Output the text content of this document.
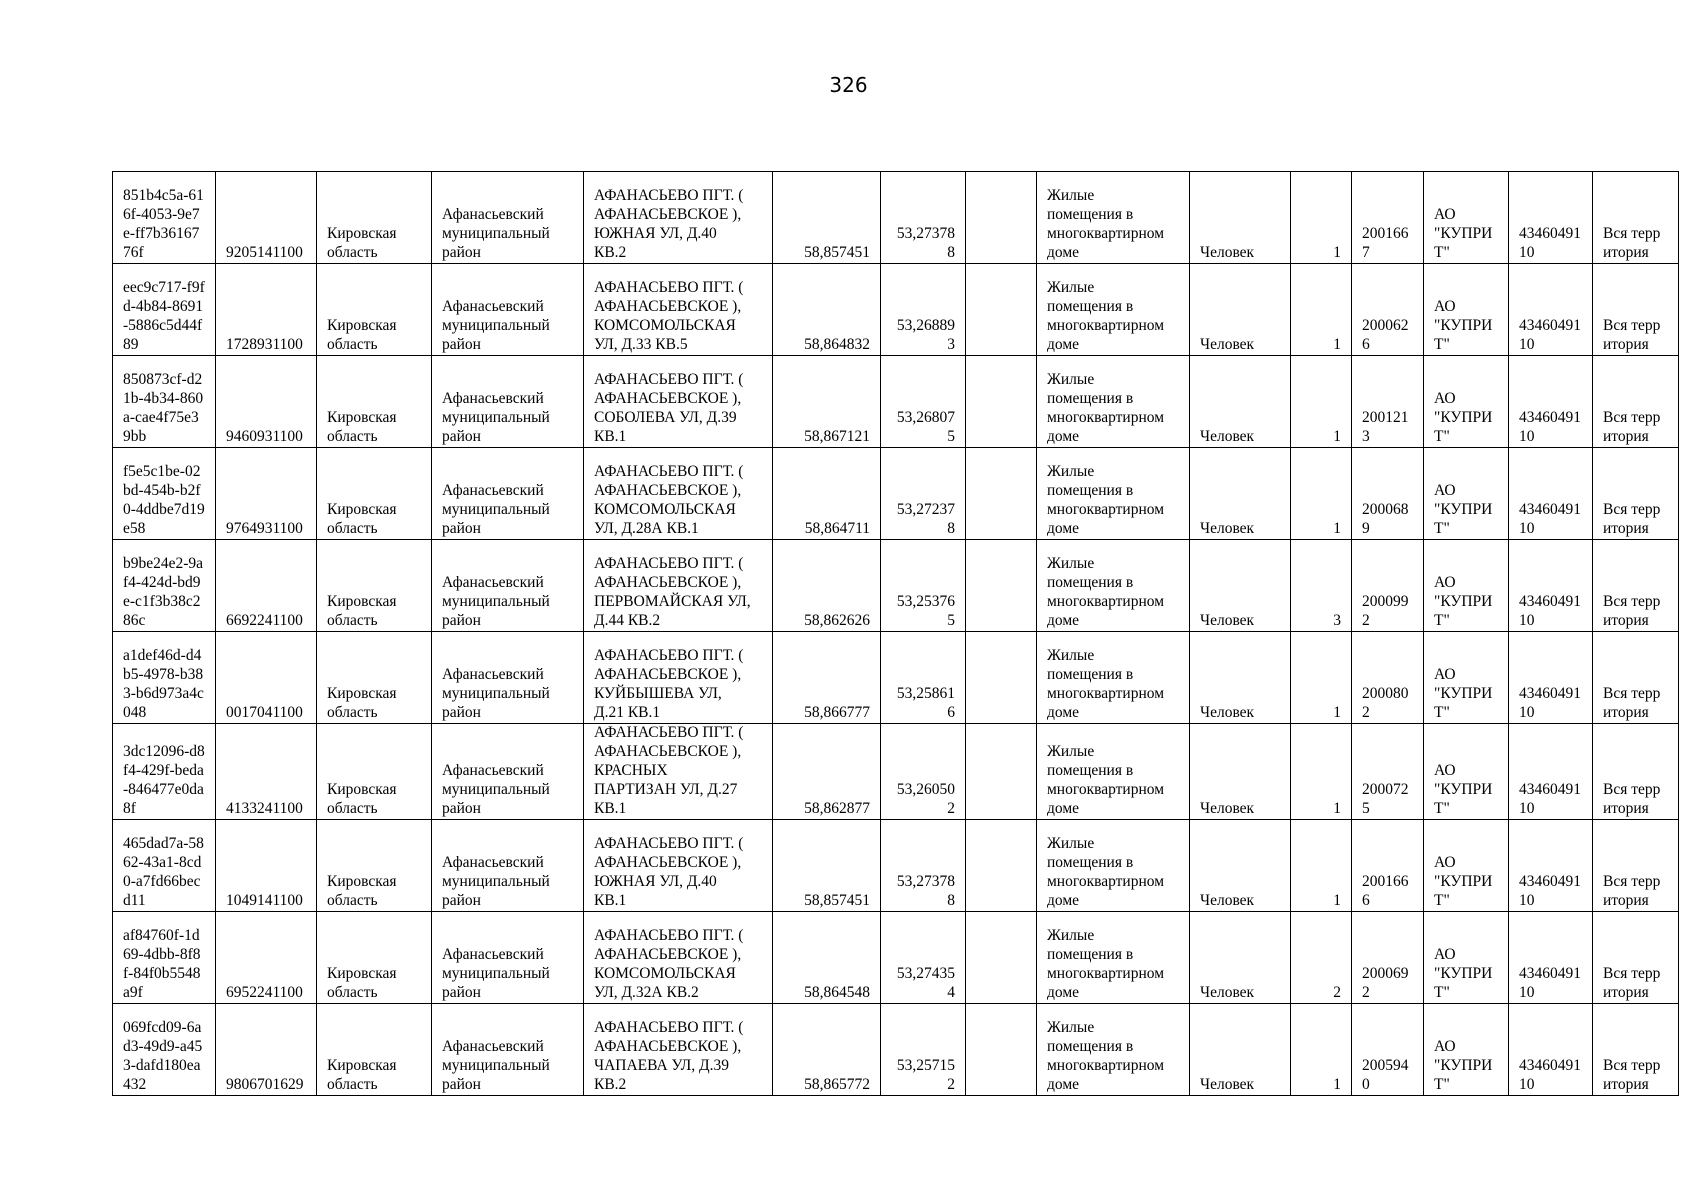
326
851b4c5a-616f-4053-9e7e-ff7b3616776f	9205141100	Кировская
область	Афанасьевский
муниципальный
район	АФАНАСЬЕВО ПГТ. (
АФАНАСЬЕВСКОЕ ),
ЮЖНАЯ УЛ, Д.40
КВ.2	58,857451	53,273788		Жилые
помещения в
многоквартирном
доме	Человек	1	2001667	АО
"КУПРИ
Т"	4346049110	Вся территория

eec9c717-f9fd-4b84-8691-5886c5d44f89	1728931100	Кировская
область	Афанасьевский
муниципальный
район	АФАНАСЬЕВО ПГТ. (
АФАНАСЬЕВСКОЕ ),
КОМСОМОЛЬСКАЯ
УЛ, Д.33 КВ.5	58,864832	53,268893		Жилые
помещения в
многоквартирном
доме	Человек	1	2000626	АО
"КУПРИ
Т"	4346049110	Вся территория

850873cf-d21b-4b34-860a-cae4f75e39bb	9460931100	Кировская
область	Афанасьевский
муниципальный
район	АФАНАСЬЕВО ПГТ. (
АФАНАСЬЕВСКОЕ ),
СОБОЛЕВА УЛ, Д.39
КВ.1	58,867121	53,268075		Жилые
помещения в
многоквартирном
доме	Человек	1	2001213	АО
"КУПРИ
Т"	4346049110	Вся территория

f5e5c1be-02bd-454b-b2f0-4ddbe7d19e58	9764931100	Кировская
область	Афанасьевский
муниципальный
район	АФАНАСЬЕВО ПГТ. (
АФАНАСЬЕВСКОЕ ),
КОМСОМОЛЬСКАЯ
УЛ, Д.28А КВ.1	58,864711	53,272378		Жилые
помещения в
многоквартирном
доме	Человек	1	2000689	АО
"КУПРИ
Т"	4346049110	Вся территория

b9be24e2-9af4-424d-bd9e-c1f3b38c286c	6692241100	Кировская
область	Афанасьевский
муниципальный
район	АФАНАСЬЕВО ПГТ. (
АФАНАСЬЕВСКОЕ ),
ПЕРВОМАЙСКАЯ УЛ,
Д.44 КВ.2	58,862626	53,253765		Жилые
помещения в
многоквартирном
доме	Человек	3	2000992	АО
"КУПРИ
Т"	4346049110	Вся территория

a1def46d-d4b5-4978-b383-b6d973a4c048	0017041100	Кировская
область	Афанасьевский
муниципальный
район	АФАНАСЬЕВО ПГТ. (
АФАНАСЬЕВСКОЕ ),
КУЙБЫШЕВА УЛ,
Д.21 КВ.1	58,866777	53,258616		Жилые
помещения в
многоквартирном
доме	Человек	1	2000802	АО
"КУПРИ
Т"	4346049110	Вся территория

3dc12096-d8f4-429f-beda-846477e0da8f	4133241100	Кировская
область	Афанасьевский
муниципальный
район	АФАНАСЬЕВО ПГТ. (
АФАНАСЬЕВСКОЕ ),
КРАСНЫХ
ПАРТИЗАН УЛ, Д.27
КВ.1	58,862877	53,260502		Жилые
помещения в
многоквартирном
доме	Человек	1	2000725	АО
"КУПРИ
Т"	4346049110	Вся территория

465dad7a-5862-43a1-8cd0-a7fd66becd11	1049141100	Кировская
область	Афанасьевский
муниципальный
район	АФАНАСЬЕВО ПГТ. (
АФАНАСЬЕВСКОЕ ),
ЮЖНАЯ УЛ, Д.40
КВ.1	58,857451	53,273788		Жилые
помещения в
многоквартирном
доме	Человек	1	2001666	АО
"КУПРИ
Т"	4346049110	Вся территория

af84760f-1d69-4dbb-8f8f-84f0b5548a9f	6952241100	Кировская
область	Афанасьевский
муниципальный
район	АФАНАСЬЕВО ПГТ. (
АФАНАСЬЕВСКОЕ ),
КОМСОМОЛЬСКАЯ
УЛ, Д.32А КВ.2	58,864548	53,274354		Жилые
помещения в
многоквартирном
доме	Человек	2	2000692	АО
"КУПРИ
Т"	4346049110	Вся территория

069fcd09-6ad3-49d9-a453-dafd180ea432	9806701629	Кировская
область	Афанасьевский
муниципальный
район	АФАНАСЬЕВО ПГТ. (
АФАНАСЬЕВСКОЕ ),
ЧАПАЕВА УЛ, Д.39
КВ.2	58,865772	53,257152		Жилые
помещения в
многоквартирном
доме	Человек	1	2005940	АО
"КУПРИ
Т"	4346049110	Вся территория
